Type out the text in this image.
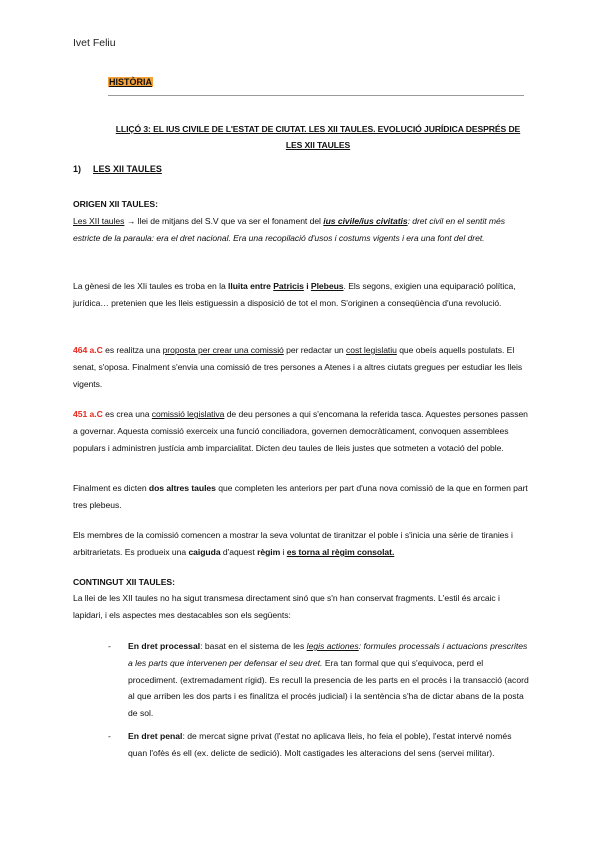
Ivet Feliu
HISTÒRIA
LLIÇÓ 3: EL IUS CIVILE DE L'ESTAT DE CIUTAT. LES XII TAULES. EVOLUCIÓ JURÍDICA DESPRÉS DE LES XII TAULES
1) LES XII TAULES
ORIGEN XII TAULES:
Les XII taules → llei de mitjans del S.V que va ser el fonament del ius civile/ius civitatis: dret civil en el sentit més estricte de la paraula: era el dret nacional. Era una recopilació d'usos i costums vigents i era una font del dret.
La gènesi de les XIi taules es troba en la lluita entre Patricis i Plebeus. Els segons, exigien una equiparació política, jurídica… pretenien que les lleis estiguessin a disposició de tot el mon. S'originen a conseqüència d'una revolució.
464 a.C es realitza una proposta per crear una comissió per redactar un cost legislatiu que obeís aquells postulats. El senat, s'oposa. Finalment s'envia una comissió de tres persones a Atenes i a altres ciutats gregues per estudiar les lleis vigents.
451 a.C es crea una comissió legislativa de deu persones a qui s'encomana la referida tasca. Aquestes persones passen a governar. Aquesta comissió exerceix una funció conciliadora, governen democràticament, convoquen assemblees populars i administren justícia amb imparcialitat. Dicten deu taules de lleis justes que sotmeten a votació del poble.
Finalment es dicten dos altres taules que completen les anteriors per part d'una nova comissió de la que en formen part tres plebeus.
Els membres de la comissió comencen a mostrar la seva voluntat de tiranitzar el poble i s'inicia una sèrie de tiranies i arbitrarietats. Es produeix una caiguda d'aquest règim i es torna al règim consolat.
CONTINGUT XII TAULES:
La llei de les XII taules no ha sigut transmesa directament sinó que s'n han conservat fragments. L'estil és arcaic i lapidari, i els aspectes mes destacables son els següents:
- En dret processal: basat en el sistema de les legis actiones: formules processals i actuacions prescrites a les parts que intervenen per defensar el seu dret. Era tan formal que qui s'equivoca, perd el procediment. (extremadament rígid). Es recull la presencia de les parts en el procés i la transacció (acord al que arriben les dos parts i es finalitza el procés judicial) i la sentència s'ha de dictar abans de la posta de sol.
- En dret penal: de mercat signe privat (l'estat no aplicava lleis, ho feia el poble), l'estat intervé només quan l'ofès és ell (ex. delicte de sedició). Molt castigades les alteracions del sens (servei militar).
